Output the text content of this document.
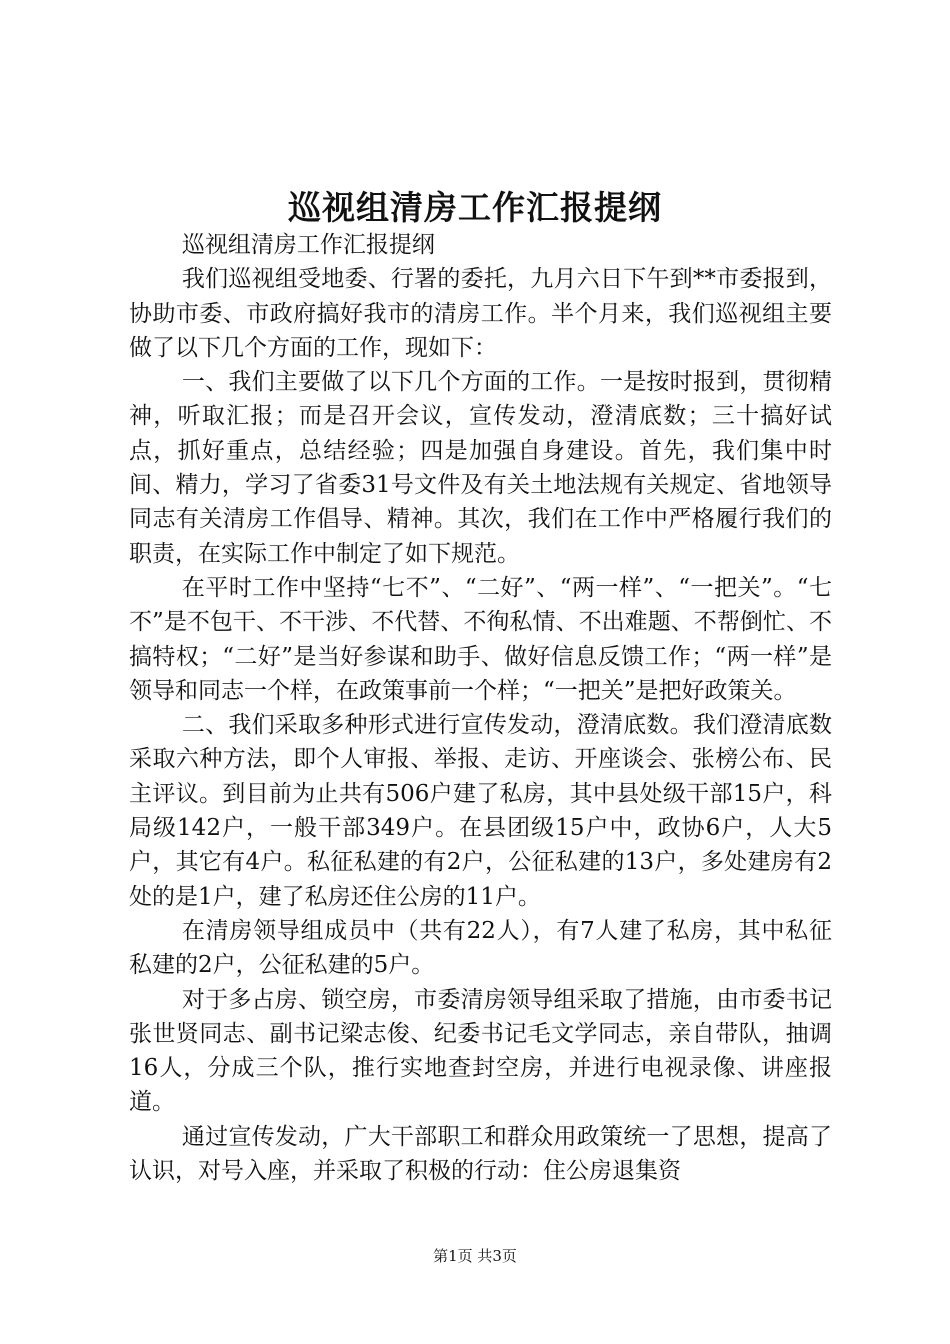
巡视组清房工作汇报提纲

巡视组清房工作汇报提纲

我们巡视组受地委、行署的委托，九月六日下午到**市委报到，协助市委、市政府搞好我市的清房工作。半个月来，我们巡视组主要做了以下几个方面的工作，现如下：

一、我们主要做了以下几个方面的工作。一是按时报到，贯彻精神，听取汇报；而是召开会议，宣传发动，澄清底数；三十搞好试点，抓好重点，总结经验；四是加强自身建设。首先，我们集中时间、精力，学习了省委31号文件及有关土地法规有关规定、省地领导同志有关清房工作倡导、精神。其次，我们在工作中严格履行我们的职责，在实际工作中制定了如下规范。

在平时工作中坚持“七不”、“二好”、“两一样”、“一把关”。“七不”是不包干、不干涉、不代替、不徇私情、不出难题、不帮倒忙、不搞特权；“二好”是当好参谋和助手、做好信息反馈工作；“两一样”是领导和同志一个样，在政策事前一个样；“一把关”是把好政策关。

二、我们采取多种形式进行宣传发动，澄清底数。我们澄清底数采取六种方法，即个人审报、举报、走访、开座谈会、张榜公布、民主评议。到目前为止共有506户建了私房，其中县处级干部15户，科局级142户，一般干部349户。在县团级15户中，政协6户，人大5户，其它有4户。私征私建的有2户，公征私建的13户，多处建房有2处的是1户，建了私房还住公房的11户。

在清房领导组成员中（共有22人），有7人建了私房，其中私征私建的2户，公征私建的5户。

对于多占房、锁空房，市委清房领导组采取了措施，由市委书记张世贤同志、副书记梁志俊、纪委书记毛文学同志，亲自带队，抽调16人，分成三个队，推行实地查封空房，并进行电视录像、讲座报道。

通过宣传发动，广大干部职工和群众用政策统一了思想，提高了认识，对号入座，并采取了积极的行动：住公房退集资

第1页 共3页
